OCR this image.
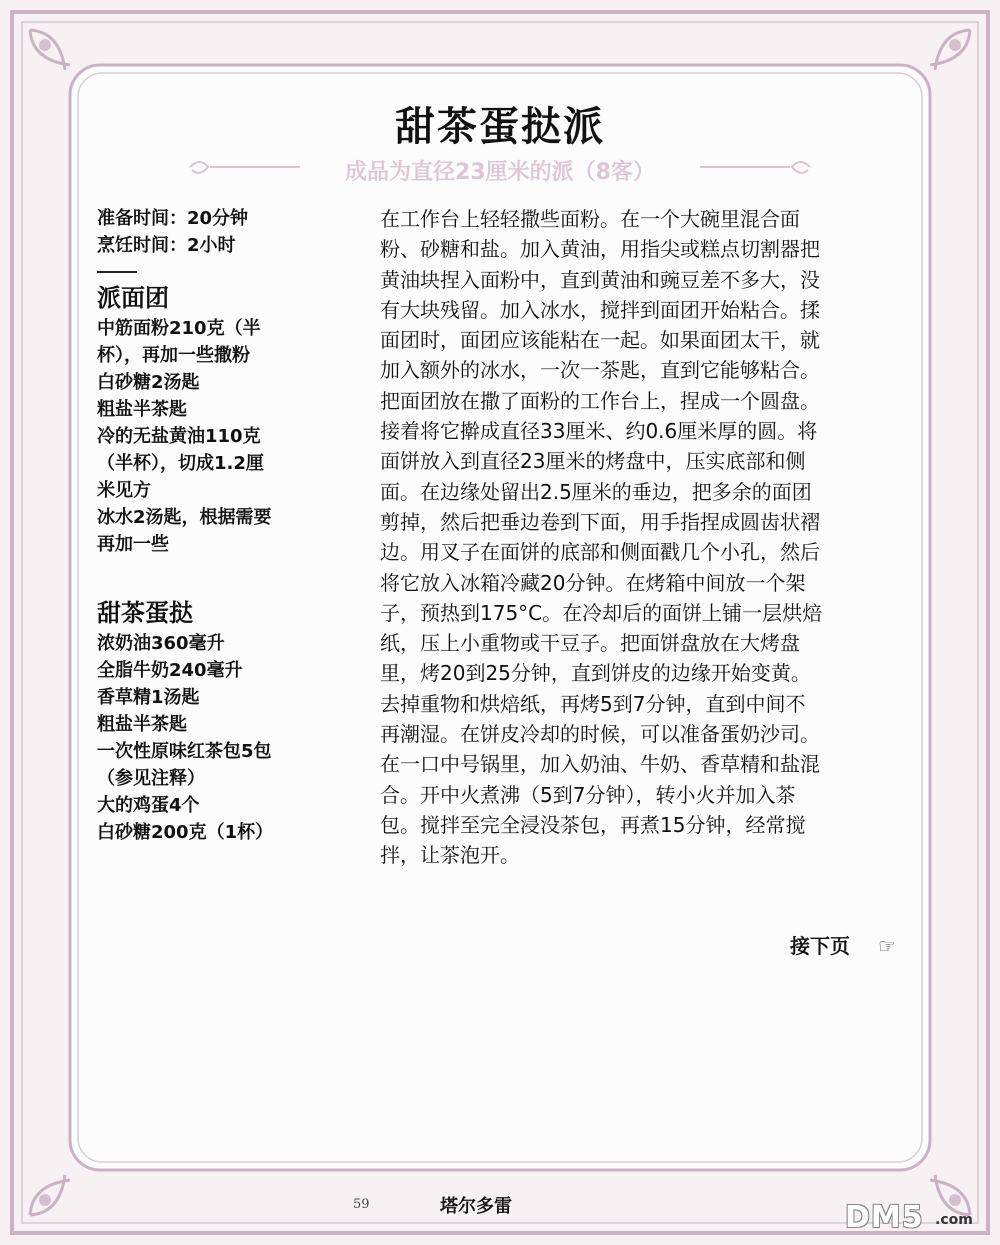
甜茶蛋挞派
成品为直径23厘米的派（8客）
准备时间：20分钟
烹饪时间：2小时
派面团
中筋面粉210克（半
杯），再加一些撒粉
白砂糖2汤匙
粗盐半茶匙
冷的无盐黄油110克
（半杯），切成1.2厘
米见方
冰水2汤匙，根据需要
再加一些
甜茶蛋挞
浓奶油360毫升
全脂牛奶240毫升
香草精1汤匙
粗盐半茶匙
一次性原味红茶包5包
（参见注释）
大的鸡蛋4个
白砂糖200克（1杯）
在工作台上轻轻撒些面粉。在一个大碗里混合面
粉、砂糖和盐。加入黄油，用指尖或糕点切割器把
黄油块捏入面粉中，直到黄油和豌豆差不多大，没
有大块残留。加入冰水，搅拌到面团开始粘合。揉
面团时，面团应该能粘在一起。如果面团太干，就
加入额外的冰水，一次一茶匙，直到它能够粘合。
把面团放在撒了面粉的工作台上，捏成一个圆盘。
接着将它擀成直径33厘米、约0.6厘米厚的圆。将
面饼放入到直径23厘米的烤盘中，压实底部和侧
面。在边缘处留出2.5厘米的垂边，把多余的面团
剪掉，然后把垂边卷到下面，用手指捏成圆齿状褶
边。用叉子在面饼的底部和侧面戳几个小孔，然后
将它放入冰箱冷藏20分钟。在烤箱中间放一个架
子，预热到175°C。在冷却后的面饼上铺一层烘焙
纸，压上小重物或干豆子。把面饼盘放在大烤盘
里，烤20到25分钟，直到饼皮的边缘开始变黄。
去掉重物和烘焙纸，再烤5到7分钟，直到中间不
再潮湿。在饼皮冷却的时候，可以准备蛋奶沙司。
在一口中号锅里，加入奶油、牛奶、香草精和盐混
合。开中火煮沸（5到7分钟），转小火并加入茶
包。搅拌至完全浸没茶包，再煮15分钟，经常搅
拌，让茶泡开。
接下页 ☞
59	塔尔多雷	DM5 .com
